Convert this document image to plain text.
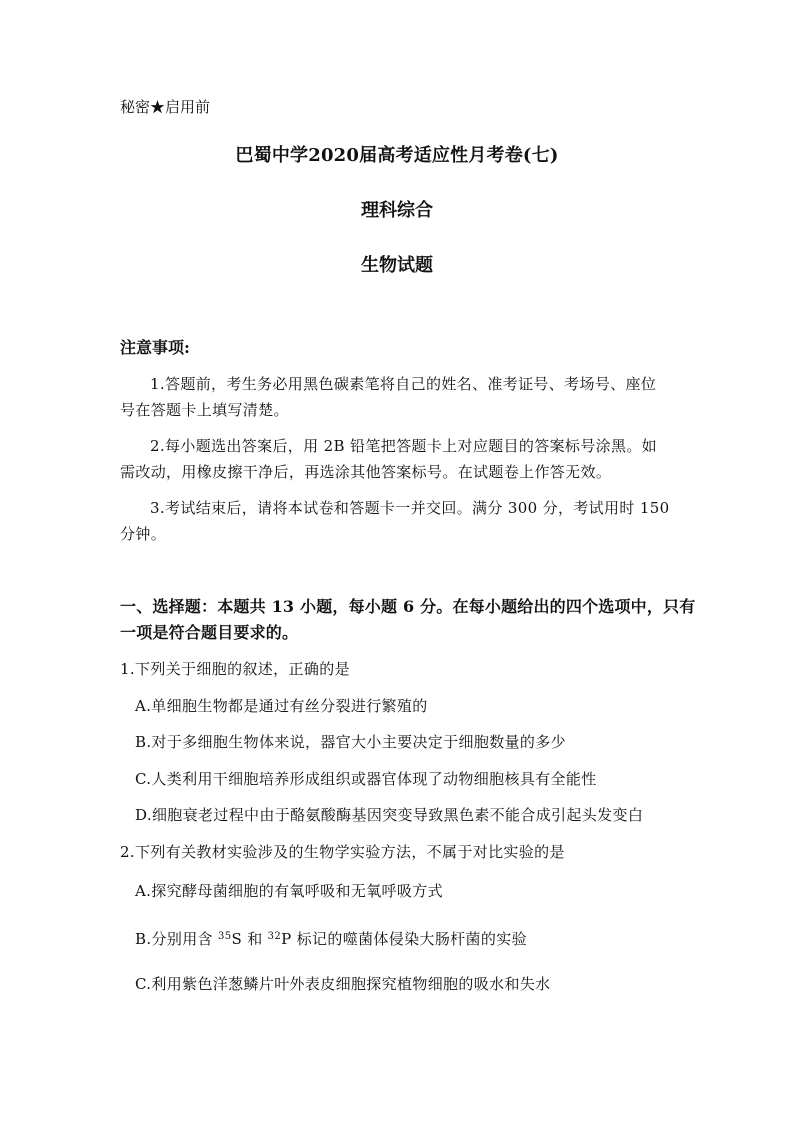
秘密★启用前
巴蜀中学2020届高考适应性月考卷(七)
理科综合
生物试题
注意事项:
1.答题前，考生务必用黑色碳素笔将自己的姓名、准考证号、考场号、座位
号在答题卡上填写清楚。
2.每小题选出答案后，用 2B 铅笔把答题卡上对应题目的答案标号涂黑。如
需改动，用橡皮擦干净后，再选涂其他答案标号。在试题卷上作答无效。
3.考试结束后，请将本试卷和答题卡一并交回。满分 300 分，考试用时 150
分钟。
一、选择题：本题共 13 小题，每小题 6 分。在每小题给出的四个选项中，只有
一项是符合题目要求的。
1.下列关于细胞的叙述，正确的是
A.单细胞生物都是通过有丝分裂进行繁殖的
B.对于多细胞生物体来说，器官大小主要决定于细胞数量的多少
C.人类利用干细胞培养形成组织或器官体现了动物细胞核具有全能性
D.细胞衰老过程中由于酪氨酸酶基因突变导致黑色素不能合成引起头发变白
2.下列有关教材实验涉及的生物学实验方法，不属于对比实验的是
A.探究酵母菌细胞的有氧呼吸和无氧呼吸方式
B.分别用含 $^{35}$S 和 $^{32}$P 标记的噬菌体侵染大肠杆菌的实验
C.利用紫色洋葱鳞片叶外表皮细胞探究植物细胞的吸水和失水
